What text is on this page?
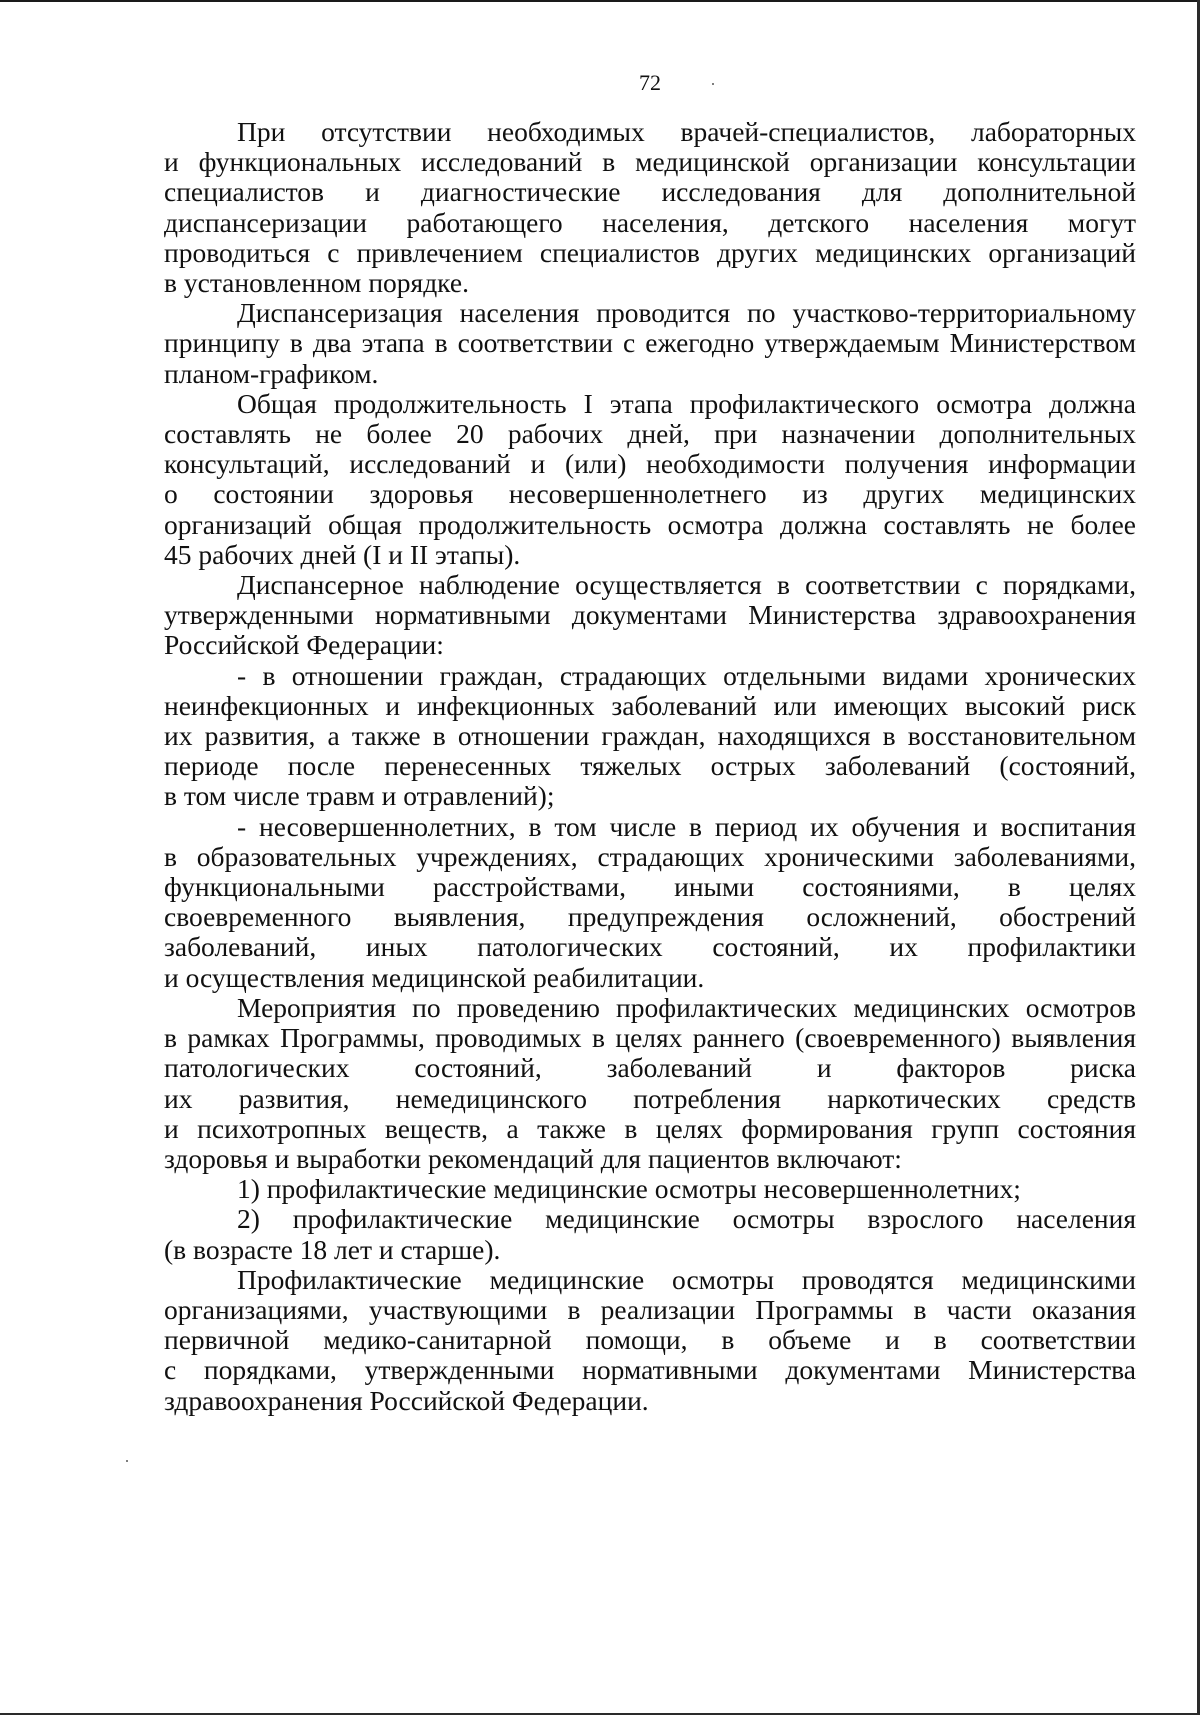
72
При отсутствии необходимых врачей-специалистов, лабораторных
и функциональных исследований в медицинской организации консультации
специалистов и диагностические исследования для дополнительной
диспансеризации работающего населения, детского населения могут
проводиться с привлечением специалистов других медицинских организаций
в установленном порядке.
Диспансеризация населения проводится по участково-территориальному
принципу в два этапа в соответствии с ежегодно утверждаемым Министерством
планом-графиком.
Общая продолжительность I этапа профилактического осмотра должна
составлять не более 20 рабочих дней, при назначении дополнительных
консультаций, исследований и (или) необходимости получения информации
о состоянии здоровья несовершеннолетнего из других медицинских
организаций общая продолжительность осмотра должна составлять не более
45 рабочих дней (I и II этапы).
Диспансерное наблюдение осуществляется в соответствии с порядками,
утвержденными нормативными документами Министерства здравоохранения
Российской Федерации:
- в отношении граждан, страдающих отдельными видами хронических
неинфекционных и инфекционных заболеваний или имеющих высокий риск
их развития, а также в отношении граждан, находящихся в восстановительном
периоде после перенесенных тяжелых острых заболеваний (состояний,
в том числе травм и отравлений);
- несовершеннолетних, в том числе в период их обучения и воспитания
в образовательных учреждениях, страдающих хроническими заболеваниями,
функциональными расстройствами, иными состояниями, в целях
своевременного выявления, предупреждения осложнений, обострений
заболеваний, иных патологических состояний, их профилактики
и осуществления медицинской реабилитации.
Мероприятия по проведению профилактических медицинских осмотров
в рамках Программы, проводимых в целях раннего (своевременного) выявления
патологических состояний, заболеваний и факторов риска
их развития, немедицинского потребления наркотических средств
и психотропных веществ, а также в целях формирования групп состояния
здоровья и выработки рекомендаций для пациентов включают:
1) профилактические медицинские осмотры несовершеннолетних;
2) профилактические медицинские осмотры взрослого населения
(в возрасте 18 лет и старше).
Профилактические медицинские осмотры проводятся медицинскими
организациями, участвующими в реализации Программы в части оказания
первичной медико-санитарной помощи, в объеме и в соответствии
с порядками, утвержденными нормативными документами Министерства
здравоохранения Российской Федерации.
